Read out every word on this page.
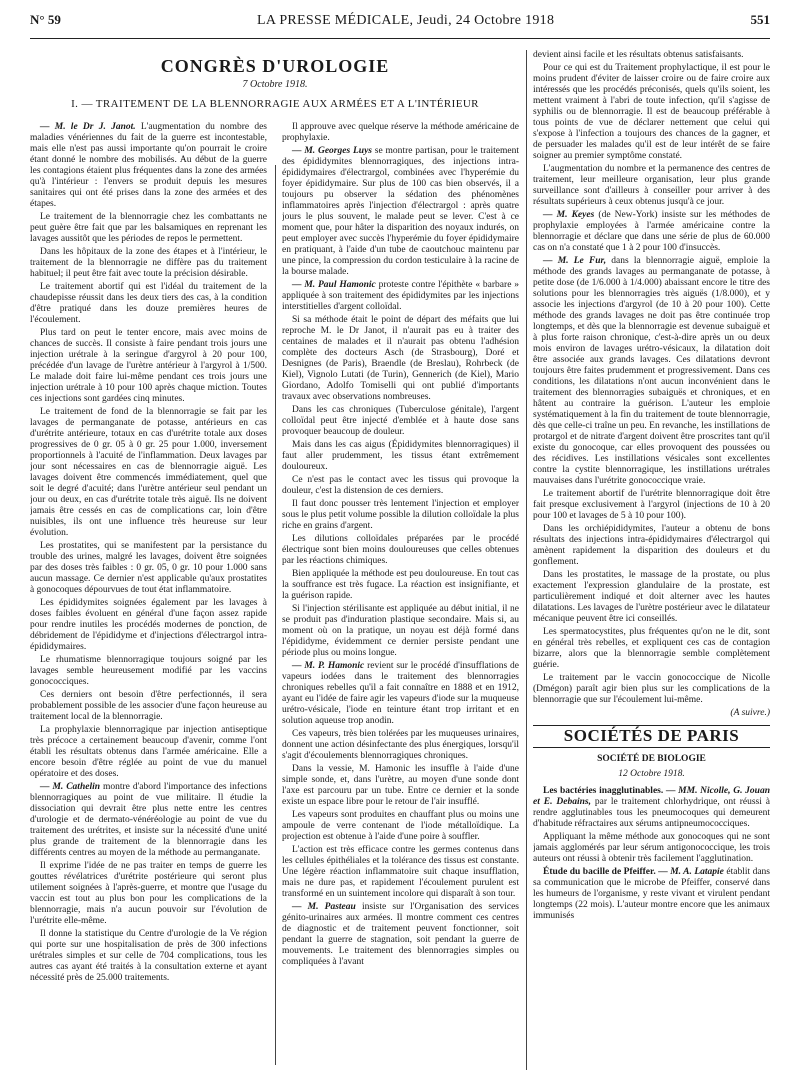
N° 59	LA PRESSE MÉDICALE, Jeudi, 24 Octobre 1918	551
CONGRÈS D'UROLOGIE
7 Octobre 1918.
I. — TRAITEMENT DE LA BLENNORRAGIE AUX ARMÉES ET A L'INTÉRIEUR

— M. le Dr J. Janot. L'augmentation du nombre des maladies vénériennes du fait de la guerre est incontestable, mais elle n'est pas aussi importante qu'on pourrait le croire étant donné le nombre des mobilisés. Au début de la guerre les contagions étaient plus fréquentes dans la zone des armées qu'à l'intérieur : l'envers se produit depuis les mesures sanitaires qui ont été prises dans la zone des armées et des étapes.

Le traitement de la blennorragie chez les combattants ne peut guère être fait que par les balsamiques en reprenant les lavages aussitôt que les périodes de repos le permettent.

Dans les hôpitaux de la zone des étapes et à l'intérieur, le traitement de la blennorragie ne diffère pas du traitement habituel; il peut être fait avec toute la précision désirable.

Le traitement abortif qui est l'idéal du traitement de la chaudepisse réussit dans les deux tiers des cas, à la condition d'être pratiqué dans les douze premières heures de l'écoulement.

Plus tard on peut le tenter encore, mais avec moins de chances de succès. Il consiste à faire pendant trois jours une injection urétrale à la seringue d'argyrol à 20 pour 100, précédée d'un lavage de l'urètre antérieur à l'argyrol à 1/500. Le malade doit faire lui-même pendant ces trois jours une injection urétrale à 10 pour 100 après chaque miction. Toutes ces injections sont gardées cinq minutes.

Le traitement de fond de la blennorragie se fait par les lavages de permanganate de potasse, antérieurs en cas d'urétrite antérieure, totaux en cas d'urétrite totale aux doses progressives de 0 gr. 05 à 0 gr. 25 pour 1.000, inversement proportionnels à l'acuité de l'inflammation. Deux lavages par jour sont nécessaires en cas de blennorragie aiguë. Les lavages doivent être commencés immédiatement, quel que soit le degré d'acuité; dans l'urètre antérieur seul pendant un jour ou deux, en cas d'urétrite totale très aiguë. Ils ne doivent jamais être cessés en cas de complications car, loin d'être nuisibles, ils ont une influence très heureuse sur leur évolution.

Les prostatites, qui se manifestent par la persistance du trouble des urines, malgré les lavages, doivent être soignées par des doses très faibles : 0 gr. 05, 0 gr. 10 pour 1.000 sans aucun massage. Ce dernier n'est applicable qu'aux prostatites à gonocoques dépourvues de tout état inflammatoire.

Les épididymites soignées également par les lavages à doses faibles évoluent en général d'une façon assez rapide pour rendre inutiles les procédés modernes de ponction, de débridement de l'épididyme et d'injections d'électrargol intra-épididymaires.

Le rhumatisme blennorragique toujours soigné par les lavages semble heureusement modifié par les vaccins gonococciques.

Ces derniers ont besoin d'être perfectionnés, il sera probablement possible de les associer d'une façon heureuse au traitement local de la blennorragie.

La prophylaxie blennorragique par injection antiseptique très précoce a certainement beaucoup d'avenir, comme l'ont établi les résultats obtenus dans l'armée américaine. Elle a encore besoin d'être réglée au point de vue du manuel opératoire et des doses.

— M. Cathelin montre d'abord l'importance des infections blennorragiques au point de vue militaire. Il étudie la dissociation qui devrait être plus nette entre les centres d'urologie et de dermato-vénéréologie au point de vue du traitement des urétrites, et insiste sur la nécessité d'une unité plus grande de traitement de la blennorragie dans les différents centres au moyen de la méthode au permanganate.

Il exprime l'idée de ne pas traiter en temps de guerre les gouttes révélatrices d'urétrite postérieure qui seront plus utilement soignées à l'après-guerre, et montre que l'usage du vaccin est tout au plus bon pour les complications de la blennorragie, mais n'a aucun pouvoir sur l'évolution de l'urétrite elle-même.

Il donne la statistique du Centre d'urologie de la Ve région qui porte sur une hospitalisation de près de 300 infections urétrales simples et sur celle de 704 complications, tous les autres cas ayant été traités à la consultation externe et ayant nécessité près de 25.000 traitements.

Il approuve avec quelque réserve la méthode américaine de prophylaxie.

— M. Georges Luys se montre partisan, pour le traitement des épididymites blennorragiques, des injections intra-épididymaires d'électrargol, combinées avec l'hyperémie du foyer épididymaire. Sur plus de 100 cas bien observés, il a toujours pu observer la sédation des phénomènes inflammatoires après l'injection d'électrargol : après quatre jours le plus souvent, le malade peut se lever. C'est à ce moment que, pour hâter la disparition des noyaux indurés, on peut employer avec succès l'hyperémie du foyer épididymaire en pratiquant, à l'aide d'un tube de caoutchouc maintenu par une pince, la compression du cordon testiculaire à la racine de la bourse malade.

— M. Paul Hamonic proteste contre l'épithète « barbare » appliquée à son traitement des épididymites par les injections interstitielles d'argent colloïdal.

Si sa méthode était le point de départ des méfaits que lui reproche M. le Dr Janot, il n'aurait pas eu à traiter des centaines de malades et il n'aurait pas obtenu l'adhésion complète des docteurs Asch (de Strasbourg), Doré et Desnignes (de Paris), Braendle (de Breslau), Rohrbeck (de Kiel), Vignolo Lutati (de Turin), Gennerich (de Kiel), Mario Giordano, Adolfo Tomiselli qui ont publié d'importants travaux avec observations nombreuses.

Dans les cas chroniques (Tuberculose génitale), l'argent colloïdal peut être injecté d'emblée et à haute dose sans provoquer beaucoup de douleur.

Mais dans les cas aigus (Épididymites blennorragiques) il faut aller prudemment, les tissus étant extrêmement douloureux.

Ce n'est pas le contact avec les tissus qui provoque la douleur, c'est la distension de ces derniers.

Il faut donc pousser très lentement l'injection et employer sous le plus petit volume possible la dilution colloïdale la plus riche en grains d'argent.

Les dilutions colloïdales préparées par le procédé électrique sont bien moins douloureuses que celles obtenues par les réactions chimiques.

Bien appliquée la méthode est peu douloureuse. En tout cas la souffrance est très fugace. La réaction est insignifiante, et la guérison rapide.

Si l'injection stérilisante est appliquée au début initial, il ne se produit pas d'induration plastique secondaire. Mais si, au moment où on la pratique, un noyau est déjà formé dans l'épididyme, évidemment ce dernier persiste pendant une période plus ou moins longue.

— M. P. Hamonic revient sur le procédé d'insufflations de vapeurs iodées dans le traitement des blennorragies chroniques rebelles qu'il a fait connaître en 1888 et en 1912, ayant eu l'idée de faire agir les vapeurs d'iode sur la muqueuse urétro-vésicale, l'iode en teinture étant trop irritant et en solution aqueuse trop anodin.

Ces vapeurs, très bien tolérées par les muqueuses urinaires, donnent une action désinfectante des plus énergiques, lorsqu'il s'agit d'écoulements blennorragiques chroniques.

Dans la vessie, M. Hamonic les insuffle à l'aide d'une simple sonde, et, dans l'urètre, au moyen d'une sonde dont l'axe est parcouru par un tube. Entre ce dernier et la sonde existe un espace libre pour le retour de l'air insufflé.

Les vapeurs sont produites en chauffant plus ou moins une ampoule de verre contenant de l'iode métalloïdique. La projection est obtenue à l'aide d'une poire à souffler.

L'action est très efficace contre les germes contenus dans les cellules épithéliales et la tolérance des tissus est constante. Une légère réaction inflammatoire suit chaque insufflation, mais ne dure pas, et rapidement l'écoulement purulent est transformé en un suintement incolore qui disparaît à son tour.

— M. Pasteau insiste sur l'Organisation des services génito-urinaires aux armées. Il montre comment ces centres de diagnostic et de traitement peuvent fonctionner, soit pendant la guerre de stagnation, soit pendant la guerre de mouvements. Le traitement des blennorragies simples ou compliquées à l'avant

devient ainsi facile et les résultats obtenus satisfaisants.

Pour ce qui est du Traitement prophylactique, il est pour le moins prudent d'éviter de laisser croire ou de faire croire aux intéressés que les procédés préconisés, quels qu'ils soient, les mettent vraiment à l'abri de toute infection, qu'il s'agisse de syphilis ou de blennorragie. Il est de beaucoup préférable à tous points de vue de déclarer nettement que celui qui s'expose à l'infection a toujours des chances de la gagner, et de persuader les malades qu'il est de leur intérêt de se faire soigner au premier symptôme constaté.

L'augmentation du nombre et la permanence des centres de traitement, leur meilleure organisation, leur plus grande surveillance sont d'ailleurs à conseiller pour arriver à des résultats supérieurs à ceux obtenus jusqu'à ce jour.

— M. Keyes (de New-York) insiste sur les méthodes de prophylaxie employées à l'armée américaine contre la blennorragie et déclare que dans une série de plus de 60.000 cas on n'a constaté que 1 à 2 pour 100 d'insuccès.

— M. Le Fur, dans la blennorragie aiguë, emploie la méthode des grands lavages au permanganate de potasse, à petite dose (de 1/6.000 à 1/4.000) abaissant encore le titre des solutions pour les blennorragies très aiguës (1/8.000), et y associe les injections d'argyrol (de 10 à 20 pour 100). Cette méthode des grands lavages ne doit pas être continuée trop longtemps, et dès que la blennorragie est devenue subaiguë et à plus forte raison chronique, c'est-à-dire après un ou deux mois environ de lavages urétro-vésicaux, la dilatation doit être associée aux grands lavages. Ces dilatations devront toujours être faites prudemment et progressivement. Dans ces conditions, les dilatations n'ont aucun inconvénient dans le traitement des blennorragies subaiguës et chroniques, et en hâtent au contraire la guérison. L'auteur les emploie systématiquement à la fin du traitement de toute blennorragie, dès que celle-ci traîne un peu. En revanche, les instillations de protargol et de nitrate d'argent doivent être proscrites tant qu'il existe du gonocoque, car elles provoquent des poussées ou des récidives. Les instillations vésicales sont excellentes contre la cystite blennorragique, les instillations urétrales mauvaises dans l'urétrite gonococcique vraie.

Le traitement abortif de l'urétrite blennorragique doit être fait presque exclusivement à l'argyrol (injections de 10 à 20 pour 100 et lavages de 5 à 10 pour 100).

Dans les orchiépididymites, l'auteur a obtenu de bons résultats des injections intra-épididymaires d'électrargol qui amènent rapidement la disparition des douleurs et du gonflement.

Dans les prostatites, le massage de la prostate, ou plus exactement l'expression glandulaire de la prostate, est particulièrement indiqué et doit alterner avec les hautes dilatations. Les lavages de l'urètre postérieur avec le dilatateur mécanique peuvent être ici conseillés.

Les spermatocystites, plus fréquentes qu'on ne le dit, sont en général très rebelles, et expliquent ces cas de contagion bizarre, alors que la blennorragie semble complètement guérie.

Le traitement par le vaccin gonococcique de Nicolle (Dmégon) paraît agir bien plus sur les complications de la blennorragie que sur l'écoulement lui-même.

(A suivre.)
SOCIÉTÉS DE PARIS
SOCIÉTÉ DE BIOLOGIE
12 Octobre 1918.

Les bactéries inagglutinables. — MM. Nicolle, G. Jouan et E. Debains, par le traitement chlorhydrique, ont réussi à rendre agglutinables tous les pneumocoques qui demeurent d'habitude réfractaires aux sérums antipneumococciques.

Appliquant la même méthode aux gonocoques qui ne sont jamais agglomérés par leur sérum antigonococcique, les trois auteurs ont réussi à obtenir très facilement l'agglutination.

Étude du bacille de Pfeiffer. — M. A. Latapie établit dans sa communication que le microbe de Pfeiffer, conservé dans les humeurs de l'organisme, y reste vivant et virulent pendant longtemps (22 mois). L'auteur montre encore que les animaux immunisés
